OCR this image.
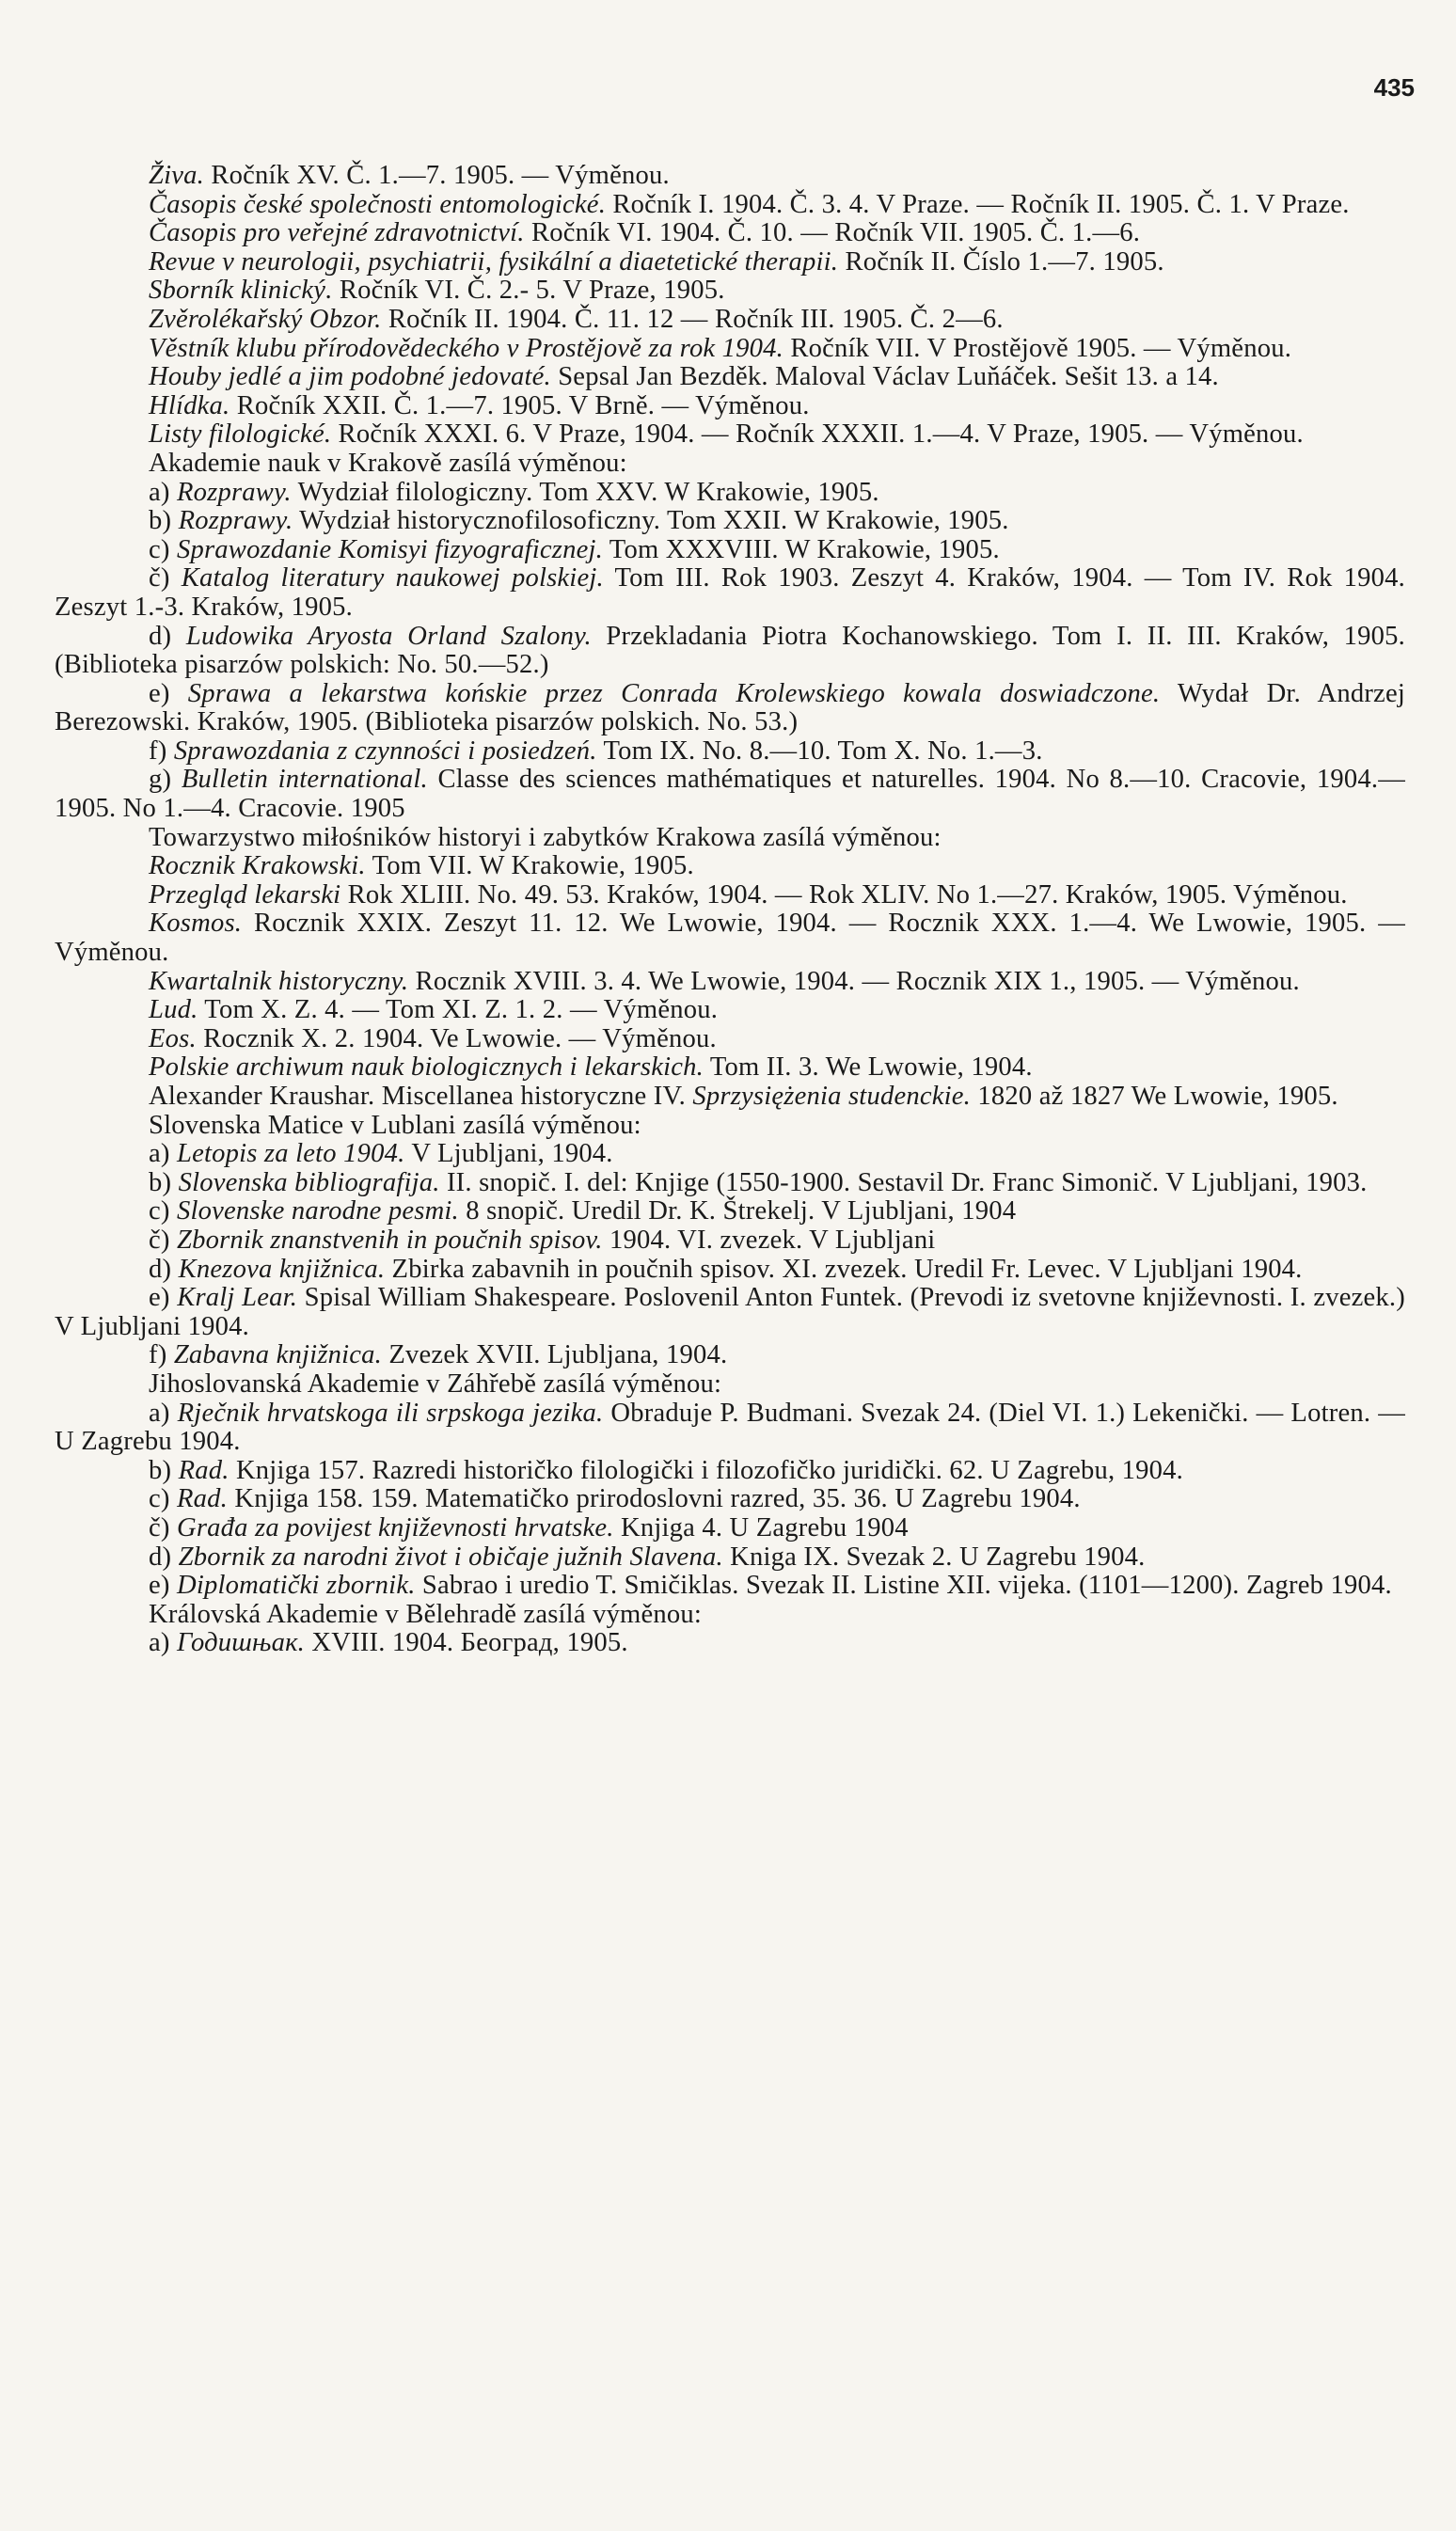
435

Živa. Ročník XV. Č. 1.—7. 1905. — Výměnou.

Časopis české společnosti entomologické. Ročník I. 1904. Č. 3. 4. V Praze. — Ročník II. 1905. Č. 1. V Praze.

Časopis pro veřejné zdravotnictví. Ročník VI. 1904. Č. 10. — Ročník VII. 1905. Č. 1.—6.

Revue v neurologii, psychiatrii, fysikální a diaetetické therapii. Ročník II. Číslo 1.—7. 1905.

Sborník klinický. Ročník VI. Č. 2.- 5. V Praze, 1905.

Zvěrolékařský Obzor. Ročník II. 1904. Č. 11. 12 — Ročník III. 1905. Č. 2—6.

Věstník klubu přírodovědeckého v Prostějově za rok 1904. Ročník VII. V Prostějově 1905. — Výměnou.

Houby jedlé a jim podobné jedovaté. Sepsal Jan Bezděk. Maloval Václav Luňáček. Sešit 13. a 14.

Hlídka. Ročník XXII. Č. 1.—7. 1905. V Brně. — Výměnou.

Listy filologické. Ročník XXXI. 6. V Praze, 1904. — Ročník XXXII. 1.—4. V Praze, 1905. — Výměnou.

Akademie nauk v Krakově zasílá výměnou:

a) Rozprawy. Wydział filologiczny. Tom XXV. W Krakowie, 1905.

b) Rozprawy. Wydział historycznofilosoficzny. Tom XXII. W Krakowie, 1905.

c) Sprawozdanie Komisyi fizyograficznej. Tom XXXVIII. W Krakowie, 1905.

č) Katalog literatury naukowej polskiej. Tom III. Rok 1903. Zeszyt 4. Kraków, 1904. — Tom IV. Rok 1904. Zeszyt 1.-3. Kraków, 1905.

d) Ludowika Aryosta Orland Szalony. Przekladania Piotra Kochanowskiego. Tom I. II. III. Kraków, 1905. (Biblioteka pisarzów polskich: No. 50.—52.)

e) Sprawa a lekarstwa końskie przez Conrada Krolewskiego kowala doswiadczone. Wydał Dr. Andrzej Berezowski. Kraków, 1905. (Biblioteka pisarzów polskich. No. 53.)

f) Sprawozdania z czynności i posiedzeń. Tom IX. No. 8.—10. Tom X. No. 1.—3.

g) Bulletin international. Classe des sciences mathématiques et naturelles. 1904. No 8.—10. Cracovie, 1904.—1905. No 1.—4. Cracovie. 1905

Towarzystwo miłośników historyi i zabytków Krakowa zasílá výměnou:

Rocznik Krakowski. Tom VII. W Krakowie, 1905.

Przegląd lekarski Rok XLIII. No. 49. 53. Kraków, 1904. — Rok XLIV. No 1.—27. Kraków, 1905. Výměnou.

Kosmos. Rocznik XXIX. Zeszyt 11. 12. We Lwowie, 1904. — Rocznik XXX. 1.—4. We Lwowie, 1905. — Výměnou.

Kwartalnik historyczny. Rocznik XVIII. 3. 4. We Lwowie, 1904. — Rocznik XIX 1., 1905. — Výměnou.

Lud. Tom X. Z. 4. — Tom XI. Z. 1. 2. — Výměnou.

Eos. Rocznik X. 2. 1904. Ve Lwowie. — Výměnou.

Polskie archiwum nauk biologicznych i lekarskich. Tom II. 3. We Lwowie, 1904.

Alexander Kraushar. Miscellanea historyczne IV. Sprzysiężenia studenckie. 1820 až 1827 We Lwowie, 1905.

Slovenska Matice v Lublani zasílá výměnou:

a) Letopis za leto 1904. V Ljubljani, 1904.

b) Slovenska bibliografija. II. snopič. I. del: Knjige (1550-1900. Sestavil Dr. Franc Simonič. V Ljubljani, 1903.

c) Slovenske narodne pesmi. 8 snopič. Uredil Dr. K. Štrekelj. V Ljubljani, 1904

č) Zbornik znanstvenih in poučnih spisov. 1904. VI. zvezek. V Ljubljani

d) Knezova knjižnica. Zbirka zabavnih in poučnih spisov. XI. zvezek. Uredil Fr. Levec. V Ljubljani 1904.

e) Kralj Lear. Spisal William Shakespeare. Poslovenil Anton Funtek. (Prevodi iz svetovne književnosti. I. zvezek.) V Ljubljani 1904.

f) Zabavna knjižnica. Zvezek XVII. Ljubljana, 1904.

Jihoslovanská Akademie v Záhřebě zasílá výměnou:

a) Rječnik hrvatskoga ili srpskoga jezika. Obraduje P. Budmani. Svezak 24. (Diel VI. 1.) Lekenički. — Lotren. — U Zagrebu 1904.

b) Rad. Knjiga 157. Razredi historičko filologički i filozofičko juridički. 62. U Zagrebu, 1904.

c) Rad. Knjiga 158. 159. Matematičko prirodoslovni razred, 35. 36. U Zagrebu 1904.

č) Građa za povijest književnosti hrvatske. Knjiga 4. U Zagrebu 1904

d) Zbornik za narodni život i običaje južnih Slavena. Kniga IX. Svezak 2. U Zagrebu 1904.

e) Diplomatički zbornik. Sabrao i uredio T. Smičiklas. Svezak II. Listine XII. vijeka. (1101—1200). Zagreb 1904.

Královská Akademie v Bělehradě zasílá výměnou:

a) Годишњак. XVIII. 1904. Београд, 1905.
